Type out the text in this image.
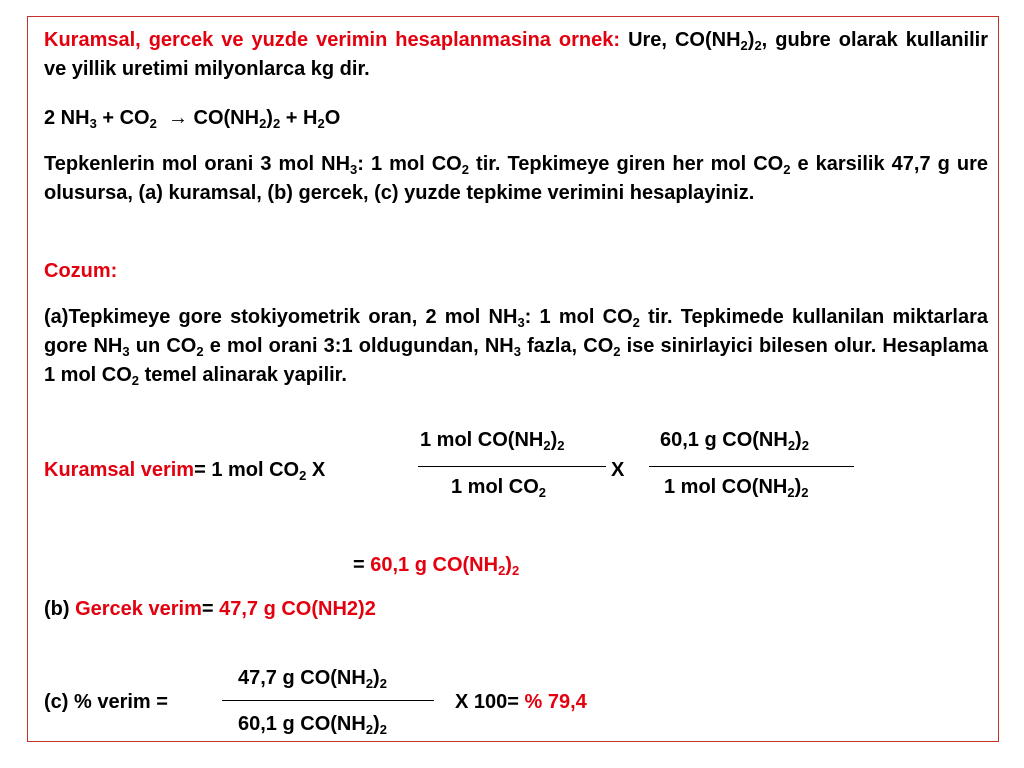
Kuramsal, gercek ve yuzde verimin hesaplanmasina ornek: Ure, $CO(NH_2)_2$, gubre olarak kullanilir ve yillik uretimi milyonlarca kg dir.

2 $NH_3 + CO_2 \to CO(NH_2)_2 + H_2O$

Tepkenlerin mol orani 3 mol $NH_3$: 1 mol $CO_2$ tir. Tepkimeye giren her mol $CO_2$ e karsilik 47,7 g ure olusursa, (a) kuramsal, (b) gercek, (c) yuzde tepkime verimini hesaplayiniz.

Cozum:

(a)Tepkimeye gore stokiyometrik oran, 2 mol $NH_3$: 1 mol $CO_2$ tir. Tepkimede kullanilan miktarlara gore $NH_3$ un $CO_2$ e mol orani 3:1 oldugundan, $NH_3$ fazla, $CO_2$ ise sinirlayici bilesen olur. Hesaplama 1 mol $CO_2$ temel alinarak yapilir.

Kuramsal verim= 1 mol $CO_2$ X
1 mol $CO(NH_2)_2$
1 mol $CO_2$
X
60,1 g $CO(NH_2)_2$
1 mol $CO(NH_2)_2$
= 60,1 g $CO(NH_2)_2$
(b) Gercek verim= 47,7 g CO(NH2)2
(c) % verim =
47,7 g $CO(NH_2)_2$
60,1 g $CO(NH_2)_2$
X 100= % 79,4
